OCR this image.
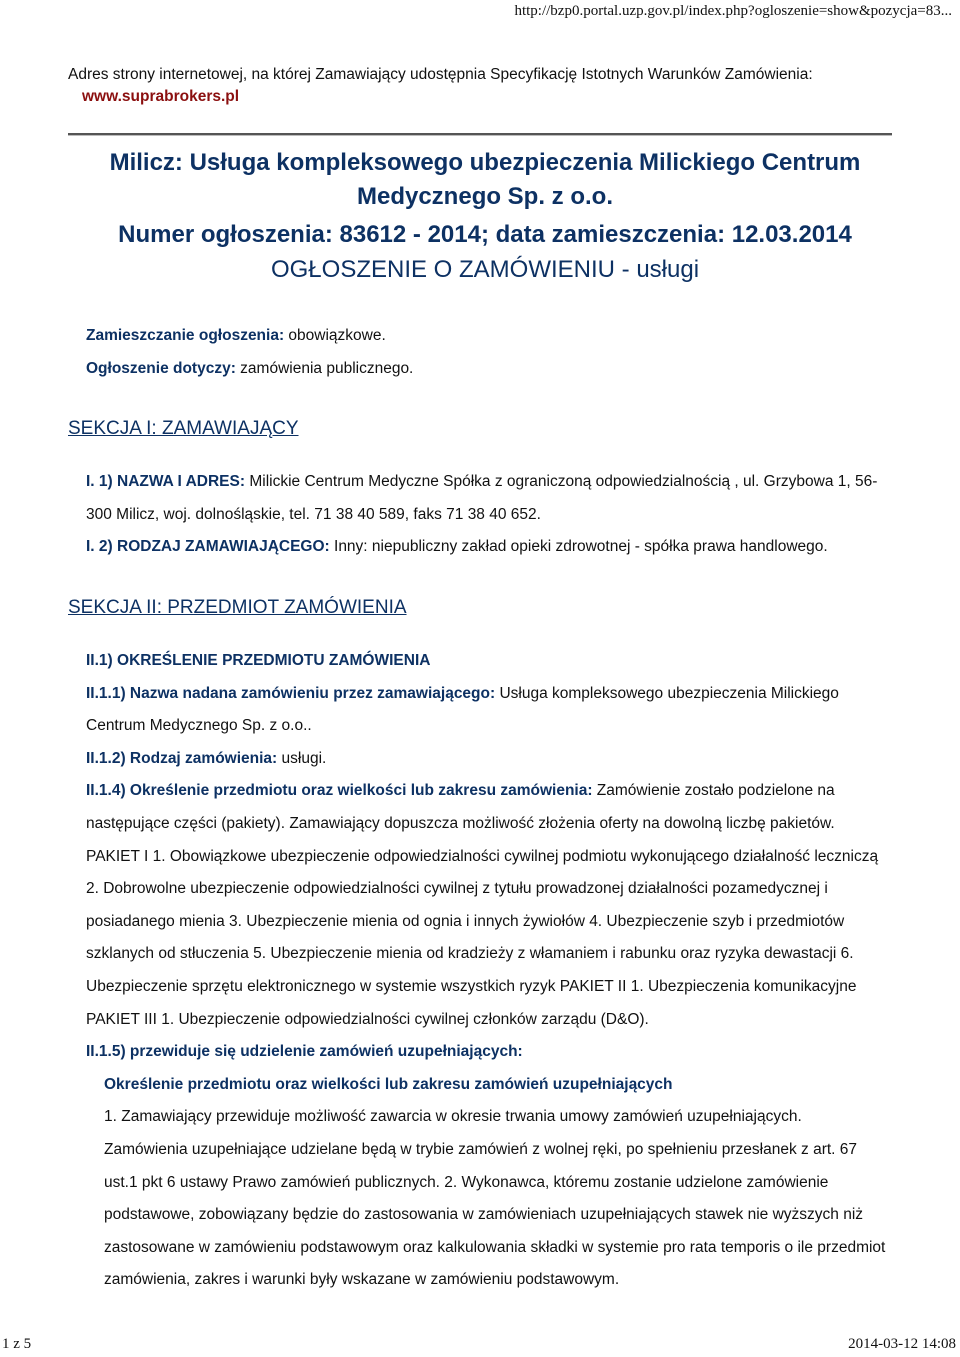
http://bzp0.portal.uzp.gov.pl/index.php?ogloszenie=show&pozycja=83...
Adres strony internetowej, na której Zamawiający udostępnia Specyfikację Istotnych Warunków Zamówienia:
www.suprabrokers.pl
Milicz: Usługa kompleksowego ubezpieczenia Milickiego Centrum Medycznego Sp. z o.o.
Numer ogłoszenia: 83612 - 2014; data zamieszczenia: 12.03.2014
OGŁOSZENIE O ZAMÓWIENIU - usługi

Zamieszczanie ogłoszenia: obowiązkowe.

Ogłoszenie dotyczy: zamówienia publicznego.

SEKCJA I: ZAMAWIAJĄCY

I. 1) NAZWA I ADRES: Milickie Centrum Medyczne Spółka z ograniczoną odpowiedzialnością , ul. Grzybowa 1, 56-300 Milicz, woj. dolnośląskie, tel. 71 38 40 589, faks 71 38 40 652.

I. 2) RODZAJ ZAMAWIAJĄCEGO: Inny: niepubliczny zakład opieki zdrowotnej - spółka prawa handlowego.

SEKCJA II: PRZEDMIOT ZAMÓWIENIA

II.1) OKREŚLENIE PRZEDMIOTU ZAMÓWIENIA

II.1.1) Nazwa nadana zamówieniu przez zamawiającego: Usługa kompleksowego ubezpieczenia Milickiego Centrum Medycznego Sp. z o.o..

II.1.2) Rodzaj zamówienia: usługi.

II.1.4) Określenie przedmiotu oraz wielkości lub zakresu zamówienia: Zamówienie zostało podzielone na następujące części (pakiety). Zamawiający dopuszcza możliwość złożenia oferty na dowolną liczbę pakietów. PAKIET I 1. Obowiązkowe ubezpieczenie odpowiedzialności cywilnej podmiotu wykonującego działalność leczniczą 2. Dobrowolne ubezpieczenie odpowiedzialności cywilnej z tytułu prowadzonej działalności pozamedycznej i posiadanego mienia 3. Ubezpieczenie mienia od ognia i innych żywiołów 4. Ubezpieczenie szyb i przedmiotów szklanych od stłuczenia 5. Ubezpieczenie mienia od kradzieży z włamaniem i rabunku oraz ryzyka dewastacji 6. Ubezpieczenie sprzętu elektronicznego w systemie wszystkich ryzyk PAKIET II 1. Ubezpieczenia komunikacyjne PAKIET III 1. Ubezpieczenie odpowiedzialności cywilnej członków zarządu (D&O).

II.1.5) przewiduje się udzielenie zamówień uzupełniających:

Określenie przedmiotu oraz wielkości lub zakresu zamówień uzupełniających

1. Zamawiający przewiduje możliwość zawarcia w okresie trwania umowy zamówień uzupełniających. Zamówienia uzupełniające udzielane będą w trybie zamówień z wolnej ręki, po spełnieniu przesłanek z art. 67 ust.1 pkt 6 ustawy Prawo zamówień publicznych. 2. Wykonawca, któremu zostanie udzielone zamówienie podstawowe, zobowiązany będzie do zastosowania w zamówieniach uzupełniających stawek nie wyższych niż zastosowane w zamówieniu podstawowym oraz kalkulowania składki w systemie pro rata temporis o ile przedmiot zamówienia, zakres i warunki były wskazane w zamówieniu podstawowym.

1 z 5	2014-03-12 14:08
